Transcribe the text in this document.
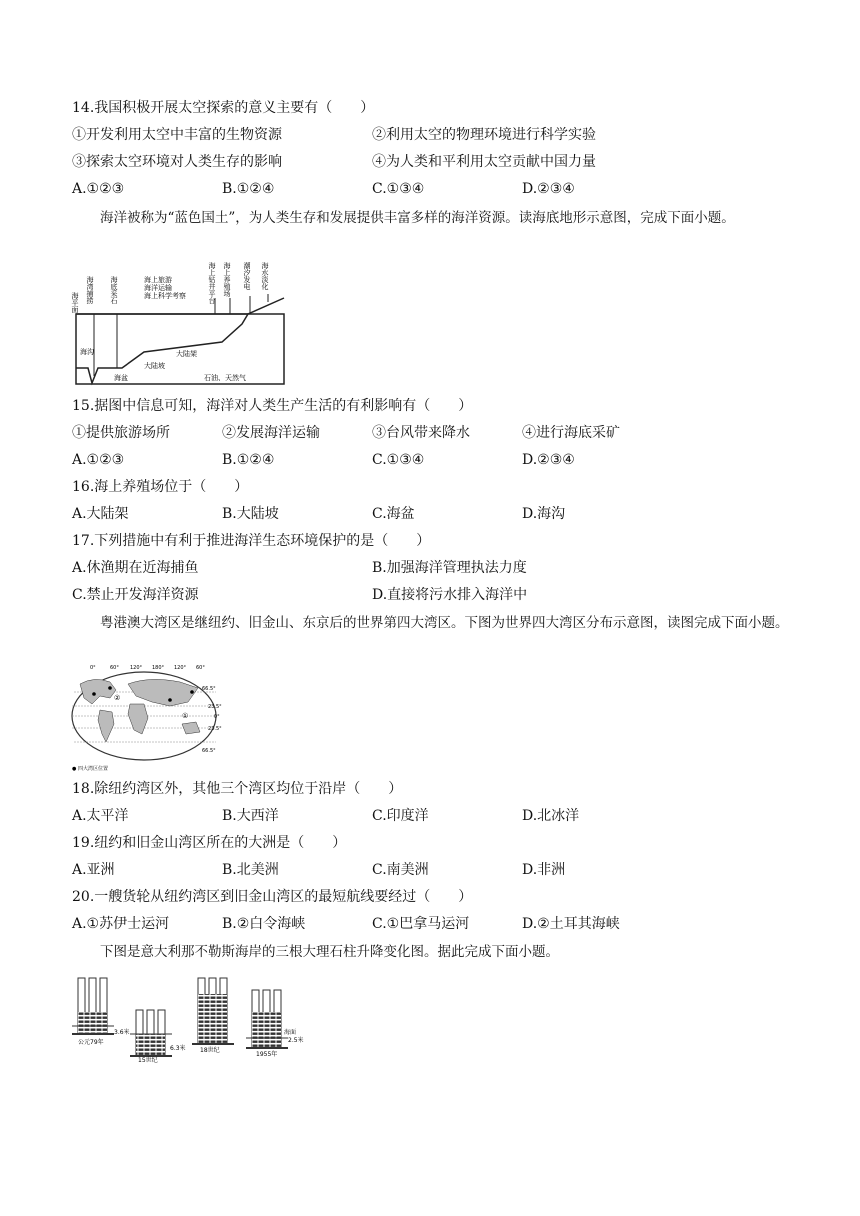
14.我国积极开展太空探索的意义主要有（　　）
①开发利用太空中丰富的生物资源	②利用太空的物理环境进行科学实验
③探索太空环境对人类生存的影响	④为人类和平利用太空贡献中国力量
A.①②③	B.①②④	C.①③④	D.②③④
海洋被称为“蓝色国土”，为人类生存和发展提供丰富多样的海洋资源。读海底地形示意图，完成下面小题。
海平面 海湾捕捞 海底采石	海上旅游
海洋运输
海上科学考察	海上钻井平台 海上养殖场 潮汐发电 海水淡化
海沟
海盆
大陆坡
大陆架
石油、天然气
15.据图中信息可知，海洋对人类生产生活的有利影响有（　　）
①提供旅游场所	②发展海洋运输	③台风带来降水	④进行海底采矿
A.①②③	B.①②④	C.①③④	D.②③④
16.海上养殖场位于（　　）
A.大陆架	B.大陆坡	C.海盆	D.海沟
17.下列措施中有利于推进海洋生态环境保护的是（　　）
A.休渔期在近海捕鱼	B.加强海洋管理执法力度
C.禁止开发海洋资源	D.直接将污水排入海洋中
粤港澳大湾区是继纽约、旧金山、东京后的世界第四大湾区。下图为世界四大湾区分布示意图，读图完成下面小题。
0°	60° 120° 180° 120° 60°
66.5°
23.5°
0°
23.5°
66.5°
①
②
● 四大湾区位置
18.除纽约湾区外，其他三个湾区均位于沿岸（　　）
A.太平洋	B.大西洋	C.印度洋	D.北冰洋
19.纽约和旧金山湾区所在的大洲是（　　）
A.亚洲	B.北美洲	C.南美洲	D.非洲
20.一艘货轮从纽约湾区到旧金山湾区的最短航线要经过（　　）
A.①苏伊士运河	B.②白令海峡	C.①巴拿马运河	D.②土耳其海峡
下图是意大利那不勒斯海岸的三根大理石柱升降变化图。据此完成下面小题。
3.6米
公元79年
6.3米
15世纪
18世纪
海面
2.5米
1955年
